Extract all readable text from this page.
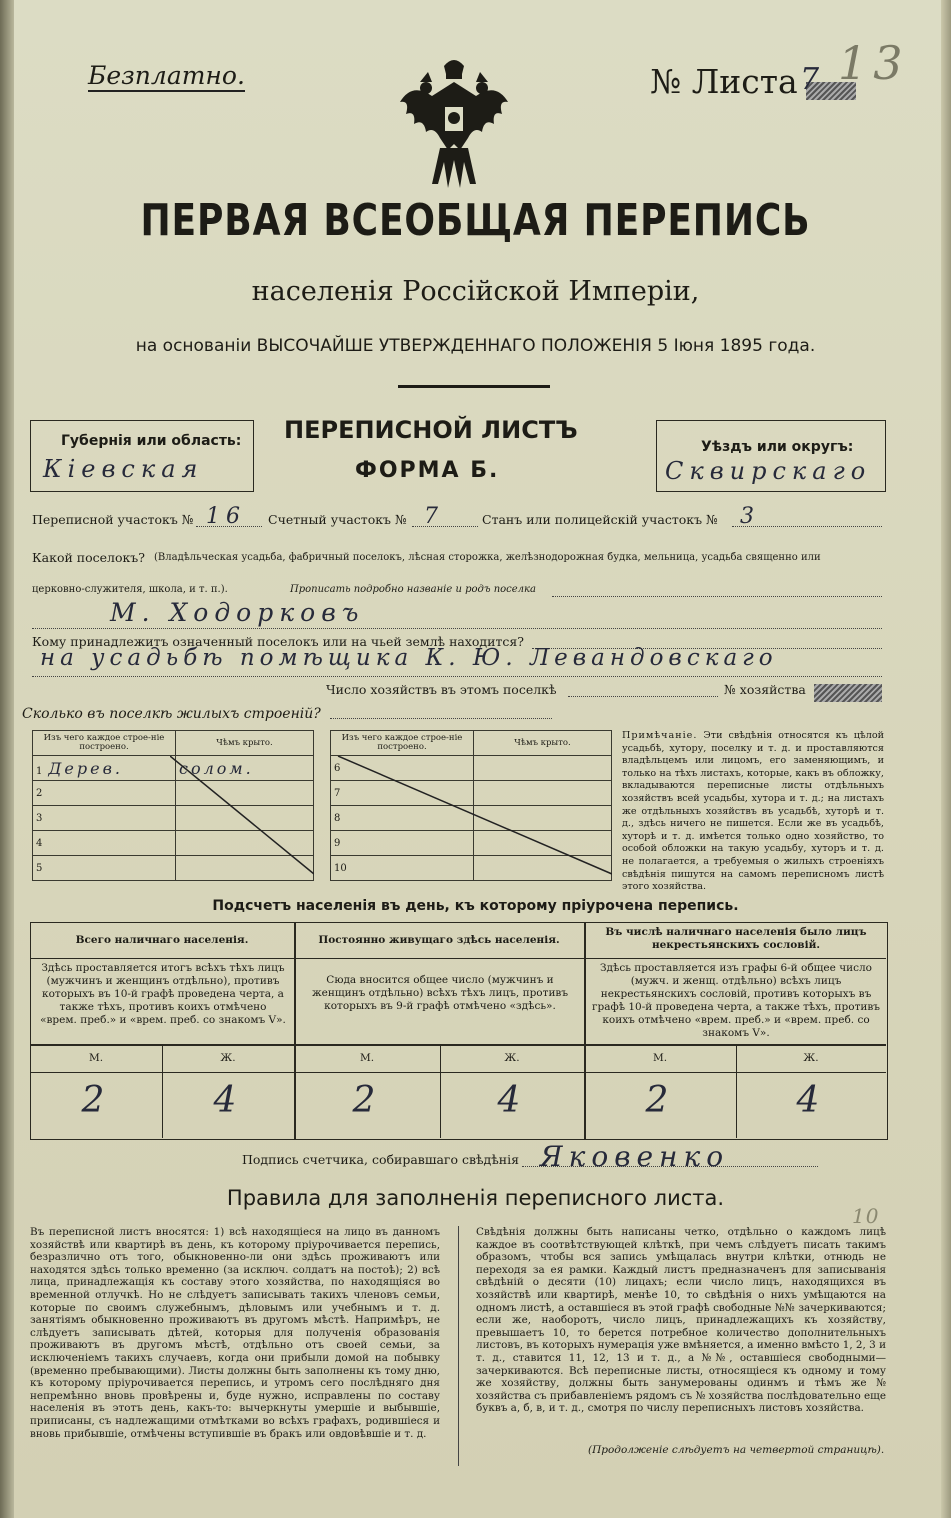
Безплатно.	№ Листа 7 13
ПЕРВАЯ ВСЕОБЩАЯ ПЕРЕПИСЬ
населенія Россійской Имперіи,
на основаніи ВЫСОЧАЙШЕ УТВЕРЖДЕННАГО ПОЛОЖЕНІЯ 5 Іюня 1895 года.
Губернія или область:
Кіевская
ПЕРЕПИСНОЙ ЛИСТЪ
ФОРМА Б.
Уѣздъ или округъ:
Сквирскаго
Переписной участокъ № 16 Счетный участокъ № 7	Станъ или полицейскій участокъ № 3
Какой поселокъ? (Владѣльческая усадьба, фабричный поселокъ, лѣсная сторожка, желѣзнодорожная будка, мельница, усадьба священно или
церковно-служителя, школа, и т. п.).	Прописать подробно названіе и родъ поселка
М. Ходорковъ
Кому принадлежитъ означенный поселокъ или на чьей землѣ находится?
на усадьбѣ помѣщика К. Ю. Левандовскаго
Число хозяйствъ въ этомъ поселкѣ	№ хозяйства
Сколько въ поселкѣ жилыхъ строеній?
Изъ чего каждое строе-ніе построено.	Чѣмъ крыто.
1 Дерев.	солом.
2	
3	
4	
5	
Изъ чего каждое строе-ніе построено.	Чѣмъ крыто.
6	
7	
8	
9	
10	
Примѣчаніе. Эти свѣдѣнія относятся къ цѣлой усадьбѣ, хутору, поселку и т. д. и проставляются владѣльцемъ или лицомъ, его заменяющимъ, и только на тѣхъ листахъ, которые, какъ въ обложку, вкладываются переписные листы отдѣльныхъ хозяйствъ всей усадьбы, хутора и т. д.; на листахъ же отдѣльныхъ хозяйствъ въ усадьбѣ, хуторѣ и т. д., здѣсь ничего не пишется. Если же въ усадьбѣ, хуторѣ и т. д. имѣется только одно хозяйство, то особой обложки на такую усадьбу, хуторъ и т. д. не полагается, а требуемыя о жилыхъ строеніяхъ свѣдѣнія пишутся на самомъ переписномъ листѣ этого хозяйства.
Подсчетъ населенія въ день, къ которому пріурочена перепись.
Всего наличнаго населенія.
Здѣсь проставляется итогъ всѣхъ тѣхъ лицъ (мужчинъ и женщинъ отдѣльно), противъ которыхъ въ 10-й графѣ проведена черта, а также тѣхъ, противъ коихъ отмѣчено «врем. преб.» и «врем. преб. со знакомъ V».
Постоянно живущаго здѣсь населенія.
Сюда вносится общее число (мужчинъ и женщинъ отдѣльно) всѣхъ тѣхъ лицъ, противъ которыхъ въ 9-й графѣ отмѣчено «здѣсь».
Въ числѣ наличнаго населенія было лицъ некрестьянскихъ сословій.
Здѣсь проставляется изъ графы 6-й общее число (мужч. и женщ. отдѣльно) всѣхъ лицъ некрестьянскихъ сословій, противъ которыхъ въ графѣ 10-й проведена черта, а также тѣхъ, противъ коихъ отмѣчено «врем. преб.» и «врем. преб. со знакомъ V».
М.	Ж.	М.	Ж.	М.	Ж.
2	4	2	4	2	4
Подпись счетчика, собиравшаго свѣдѣнія Яковенко
Правила для заполненія переписного листа.
Въ переписной листъ вносятся: 1) всѣ находящіеся на лицо въ данномъ хозяйствѣ или квартирѣ въ день, къ которому пріурочивается перепись, безразлично отъ того, обыкновенно-ли они здѣсь проживаютъ или находятся здѣсь только временно (за исключ. солдатъ на постоѣ); 2) всѣ лица, принадлежащія къ составу этого хозяйства, по находящіяся во временной отлучкѣ. Но не слѣдуетъ записывать такихъ членовъ семьи, которые по своимъ служебнымъ, дѣловымъ или учебнымъ и т. д. занятіямъ обыкновенно проживаютъ въ другомъ мѣстѣ. Напримѣръ, не слѣдуетъ записывать дѣтей, которыя для полученія образованія проживаютъ въ другомъ мѣстѣ, отдѣльно отъ своей семьи, за исключеніемъ такихъ случаевъ, когда они прибыли домой на побывку (временно пребывающими). Листы должны быть заполнены къ тому дню, къ которому пріурочивается перепись, и утромъ сего послѣдняго дня непремѣнно вновь провѣрены и, буде нужно, исправлены по составу населенія въ этотъ день, какъ-то: вычеркнуты умершіе и выбывшіе, приписаны, съ надлежащими отмѣтками во всѣхъ графахъ, родившіеся и вновь прибывшіе, отмѣчены вступившіе въ бракъ или овдовѣвшіе и т. д.
Свѣдѣнія должны быть написаны четко, отдѣльно о каждомъ лицѣ каждое въ соотвѣтствующей клѣткѣ, при чемъ слѣдуетъ писать такимъ образомъ, чтобы вся запись умѣщалась внутри клѣтки, отнюдь не переходя за ея рамки. Каждый листъ предназначенъ для записыванія свѣдѣній о десяти (10) лицахъ; если число лицъ, находящихся въ хозяйствѣ или квартирѣ, менѣе 10, то свѣдѣнія о нихъ умѣщаются на одномъ листѣ, а оставшіеся въ этой графѣ свободные №№ зачеркиваются; если же, наоборотъ, число лицъ, принадлежащихъ къ хозяйству, превышаетъ 10, то берется потребное количество дополнительныхъ листовъ, въ которыхъ нумерація уже вмѣняется, а именно вмѣсто 1, 2, 3 и т. д., ставится 11, 12, 13 и т. д., а №№, оставшіеся свободными—зачеркиваются. Всѣ переписные листы, относящіеся къ одному и тому же хозяйству, должны быть занумерованы одинмъ и тѣмъ же № хозяйства съ прибавленіемъ рядомъ съ № хозяйства послѣдовательно еще буквъ а, б, в, и т. д., смотря по числу переписныхъ листовъ хозяйства.
(Продолженіе слѣдуетъ на четвертой страницѣ).
10
